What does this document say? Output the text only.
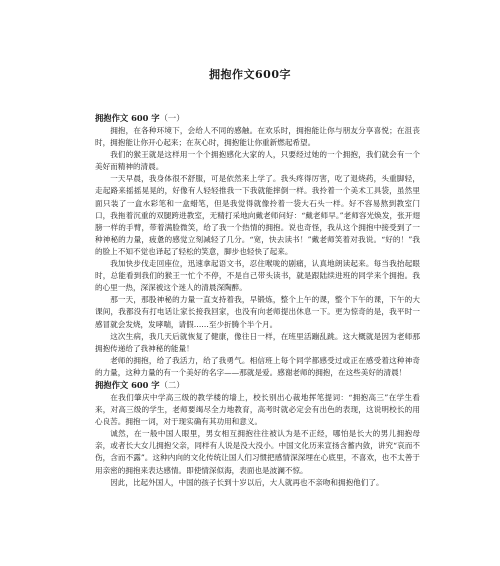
拥抱作文600字

拥抱作文 600 字（一）

拥抱，在各种环境下，会给人不同的感触。在欢乐时，拥抱能让你与朋友分享喜悦；在沮丧时，拥抱能让你开心起来；在灰心时，拥抱能让你重新燃起希望。

我们的猴王就是这样用一个个拥抱感化大家的人，只要经过她的一个拥抱，我们就会有一个美好而精神的清晨。

一天早晨，我身体很不舒服，可是依然来上学了。我头疼得厉害，吃了退烧药，头重脚轻，走起路来摇摇晃晃的，好像有人轻轻推我一下我就能摔倒一样。我拎着一个美术工具袋，虽然里面只装了一盒水彩笔和一盒蜡笔，但是我觉得就像拎着一袋大石头一样。好不容易熬到教室门口，我拖着沉重的双腿跨进教室，无精打采地向戴老师问好：“戴老师早。”老师容光焕发，张开翅膀一样的手臂，带着满脸微笑，给了我一个热情的拥抱。说也奇怪，我从这个拥抱中接受到了一种神秘的力量，疲惫的感觉立刻减轻了几分。“宽，快去读书！”戴老师笑着对我说。“好的！”我的脸上不知不觉也译起了轻松的笑意，脚步也轻快了起来。

我加快步伐走回座位，迅速拿起语文书，忍住喉咙的剧痛，认真地朗读起来。每当我抬起眼时，总能看到我们的猴王一忙个不停，不是自己带头读书，就是跟陆续进班的同学来个拥抱。我的心里一热，深深被这个迷人的清晨深陶醉。

那一天，那股神秘的力量一直支持着我，早锻炼，整个上午的课，整个下午的课，下午的大课间，我都没有打电话让家长接我回家，也没有向老师提出休息一下。更为惊奇的是，我平时一感冒就会发烧，发哮喘，请假……至少折腾个半个月。

这次生病，我几天后就恢复了健康，像往日一样，在班里活蹦乱跳。这大概就是因为老师那拥抱传递给了我神秘的能量！

老师的拥抱，给了我活力，给了我勇气。相信班上每个同学都感受过或正在感受着这种神奇的力量，这种力量的有一个美好的名字——那就是爱。感谢老师的拥抱，在这些美好的清晨！

拥抱作文 600 字（二）

在我们肇庆中学高三级的教学楼的墙上，校长别出心裁地挥笔提词：“拥抱高三”在学生看来，对高三级的学生，老师要竭尽全力地教育，高考时就必定会有出色的表现，这说明校长的用心良苦。拥抱一词，对于现实确有其功用和意义。

诚然，在一般中国人眼里，男女相互拥抱往往被认为是不正经，哪怕是长大的男儿拥抱母亲，或者长大女儿拥抱父亲，同样有人说是没大没小。中国文化历来宣扬含蓄内敛，讲究“哀而不伤，含而不露”。这种内向的文化传统让国人们习惯把感情深深埋在心底里，不喜欢，也不太善于用亲密的拥抱来表达感情。即使情深似海，表面也是波澜不惊。

因此，比起外国人，中国的孩子长到十岁以后，大人就再也不亲吻和拥抱他们了。
